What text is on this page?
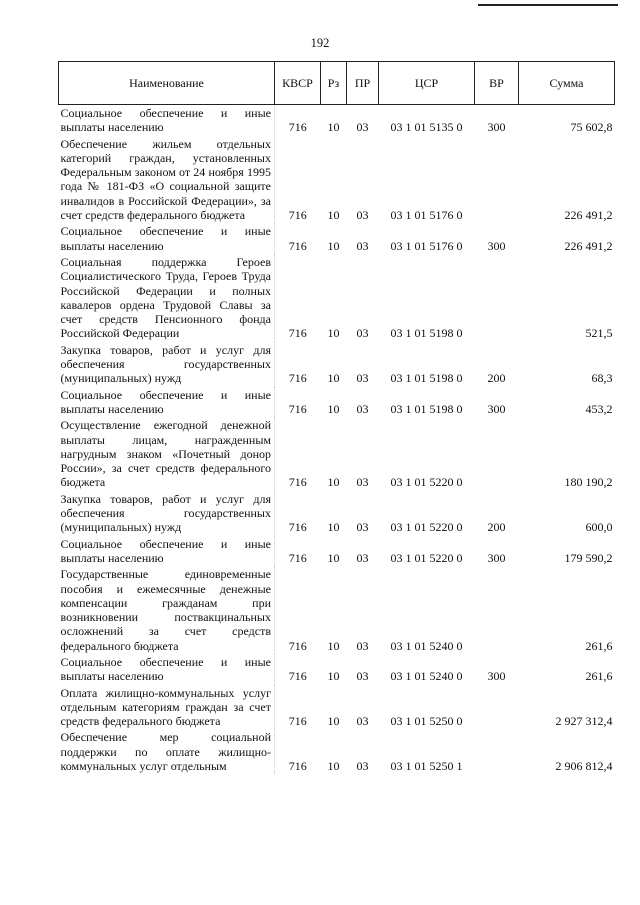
192
Наименование	КВСР	Рз	ПР	ЦСР	ВР	Сумма
Социальное обеспечение и иные выплаты населению	716	10	03	03 1 01 5135 0	300	75 602,8
Обеспечение жильем отдельных категорий граждан, установленных Федеральным законом от 24 ноября 1995 года № 181-ФЗ «О социальной защите инвалидов в Российской Федерации», за счет средств федерального бюджета	716	10	03	03 1 01 5176 0		226 491,2
Социальное обеспечение и иные выплаты населению	716	10	03	03 1 01 5176 0	300	226 491,2
Социальная поддержка Героев Социалистического Труда, Героев Труда Российской Федерации и полных кавалеров ордена Трудовой Славы за счет средств Пенсионного фонда Российской Федерации	716	10	03	03 1 01 5198 0		521,5
Закупка товаров, работ и услуг для обеспечения государственных (муниципальных) нужд	716	10	03	03 1 01 5198 0	200	68,3
Социальное обеспечение и иные выплаты населению	716	10	03	03 1 01 5198 0	300	453,2
Осуществление ежегодной денежной выплаты лицам, награжденным нагрудным знаком «Почетный донор России», за счет средств федерального бюджета	716	10	03	03 1 01 5220 0		180 190,2
Закупка товаров, работ и услуг для обеспечения государственных (муниципальных) нужд	716	10	03	03 1 01 5220 0	200	600,0
Социальное обеспечение и иные выплаты населению	716	10	03	03 1 01 5220 0	300	179 590,2
Государственные единовременные пособия и ежемесячные денежные компенсации гражданам при возникновении поствакцинальных осложнений за счет средств федерального бюджета	716	10	03	03 1 01 5240 0		261,6
Социальное обеспечение и иные выплаты населению	716	10	03	03 1 01 5240 0	300	261,6
Оплата жилищно-коммунальных услуг отдельным категориям граждан за счет средств федерального бюджета	716	10	03	03 1 01 5250 0		2 927 312,4
Обеспечение мер социальной поддержки по оплате жилищно-коммунальных услуг отдельным	716	10	03	03 1 01 5250 1		2 906 812,4
